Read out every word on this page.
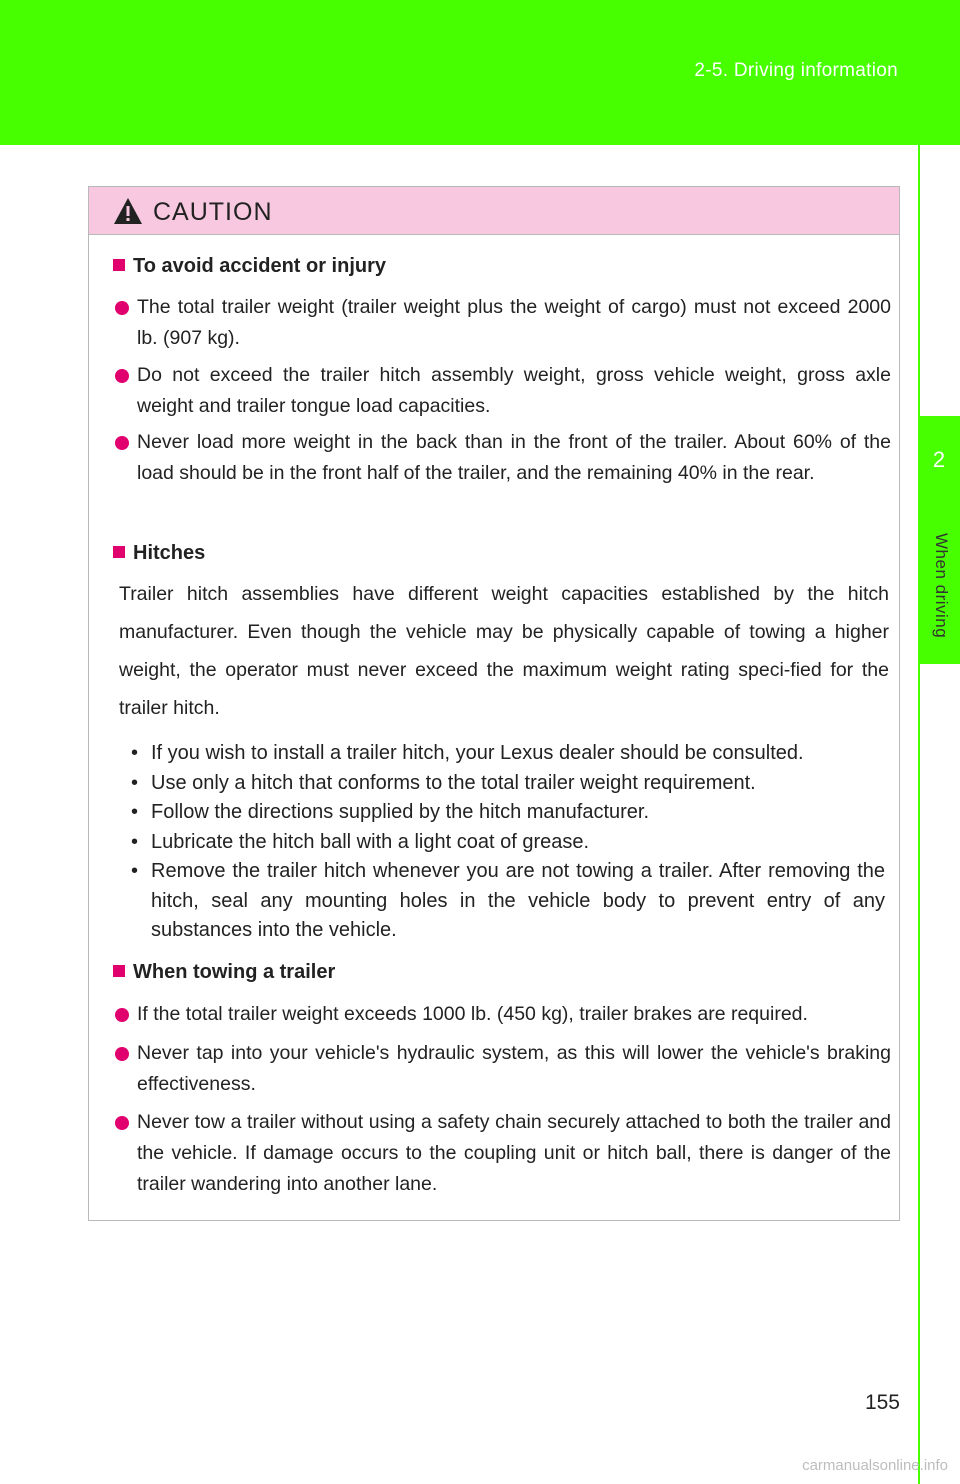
2-5. Driving information
2
When driving
CAUTION
To avoid accident or injury
The total trailer weight (trailer weight plus the weight of cargo) must not exceed 2000 lb. (907 kg).
Do not exceed the trailer hitch assembly weight, gross vehicle weight, gross axle weight and trailer tongue load capacities.
Never load more weight in the back than in the front of the trailer. About 60% of the load should be in the front half of the trailer, and the remaining 40% in the rear.
Hitches
Trailer hitch assemblies have different weight capacities established by the hitch manufacturer. Even though the vehicle may be physically capable of towing a higher weight, the operator must never exceed the maximum weight rating speci-fied for the trailer hitch.
• If you wish to install a trailer hitch, your Lexus dealer should be consulted.
• Use only a hitch that conforms to the total trailer weight requirement.
• Follow the directions supplied by the hitch manufacturer.
• Lubricate the hitch ball with a light coat of grease.
• Remove the trailer hitch whenever you are not towing a trailer. After removing the hitch, seal any mounting holes in the vehicle body to prevent entry of any substances into the vehicle.
When towing a trailer
If the total trailer weight exceeds 1000 lb. (450 kg), trailer brakes are required.
Never tap into your vehicle's hydraulic system, as this will lower the vehicle's braking effectiveness.
Never tow a trailer without using a safety chain securely attached to both the trailer and the vehicle. If damage occurs to the coupling unit or hitch ball, there is danger of the trailer wandering into another lane.
155
carmanualsonline.info
